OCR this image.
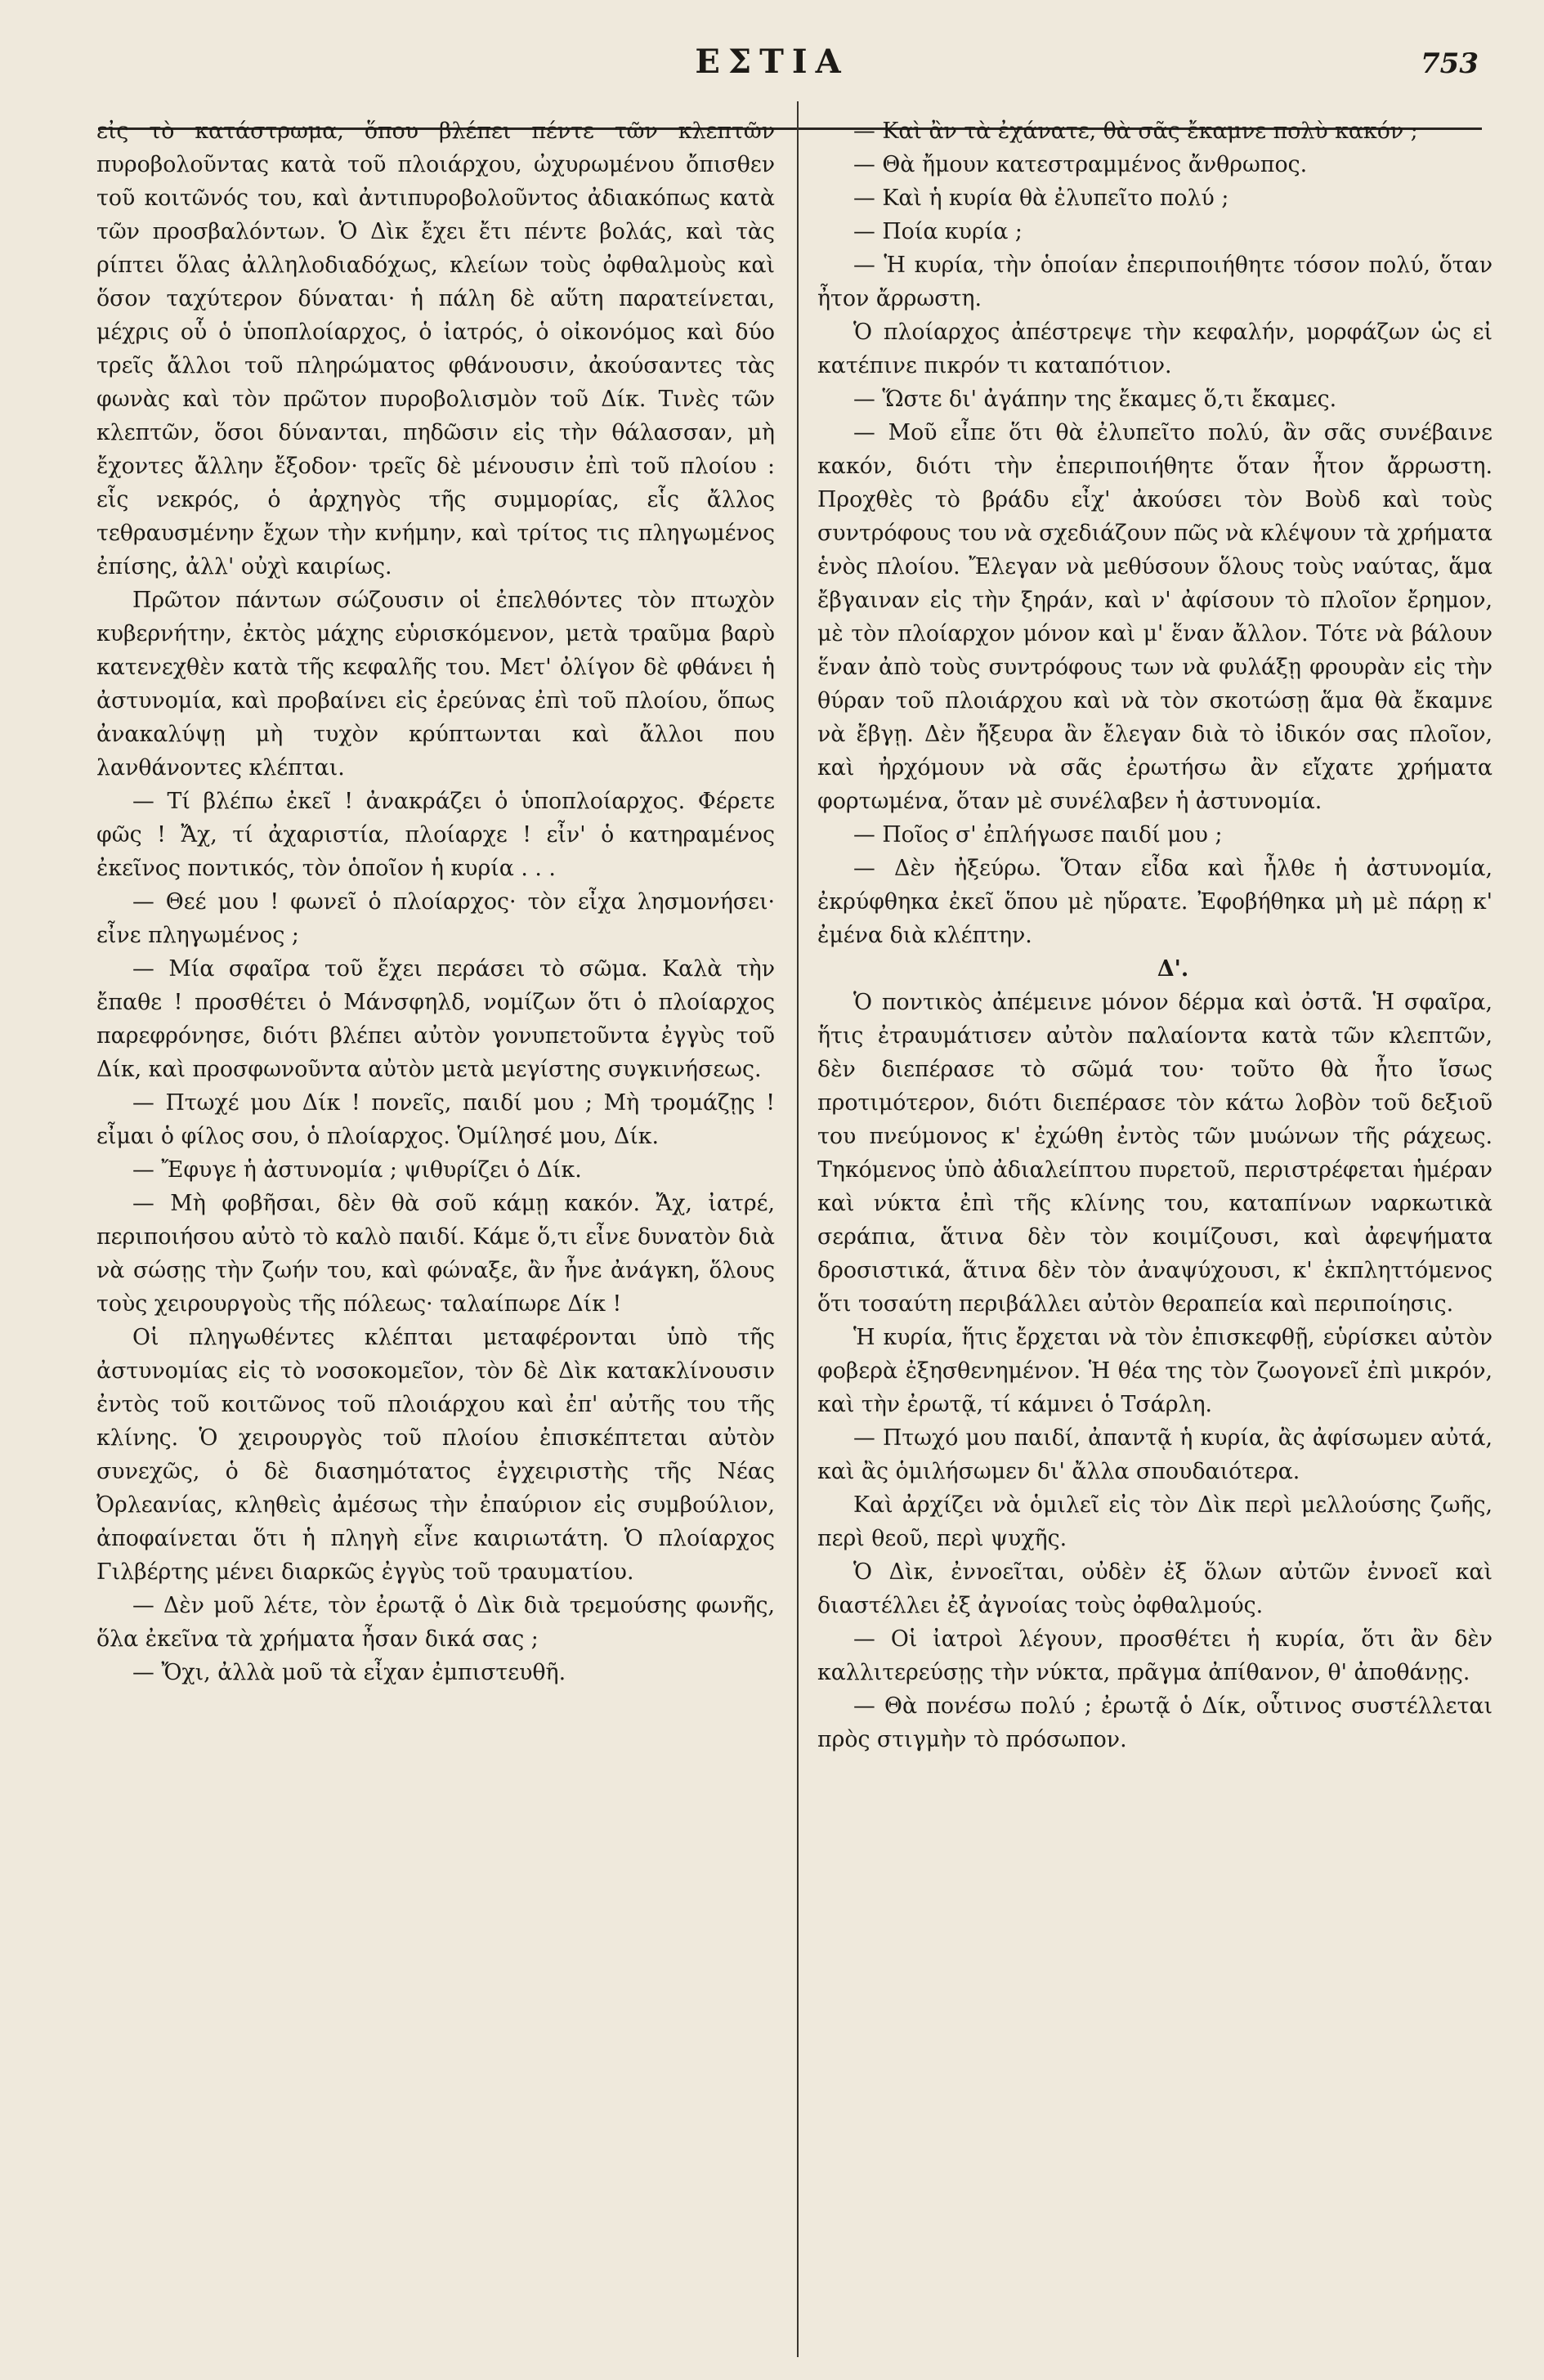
ΕΣΤΙΑ	753

εἰς τὸ κατάστρωμα, ὅπου βλέπει πέντε τῶν κλεπτῶν πυροβολοῦντας κατὰ τοῦ πλοιάρχου, ὠχυρωμένου ὄπισθεν τοῦ κοιτῶνός του, καὶ ἀντιπυροβολοῦντος ἀδιακόπως κατὰ τῶν προσβαλόντων. Ὁ Δὶκ ἔχει ἔτι πέντε βολάς, καὶ τὰς ρίπτει ὅλας ἀλληλοδιαδόχως, κλείων τοὺς ὀφθαλμοὺς καὶ ὅσον ταχύτερον δύναται· ἡ πάλη δὲ αὕτη παρατείνεται, μέχρις οὗ ὁ ὑποπλοίαρχος, ὁ ἰατρός, ὁ οἰκονόμος καὶ δύο τρεῖς ἄλλοι τοῦ πληρώματος φθάνουσιν, ἀκούσαντες τὰς φωνὰς καὶ τὸν πρῶτον πυροβολισμὸν τοῦ Δίκ. Τινὲς τῶν κλεπτῶν, ὅσοι δύνανται, πηδῶσιν εἰς τὴν θάλασσαν, μὴ ἔχοντες ἄλλην ἔξοδον· τρεῖς δὲ μένουσιν ἐπὶ τοῦ πλοίου : εἷς νεκρός, ὁ ἀρχηγὸς τῆς συμμορίας, εἷς ἄλλος τεθραυσμένην ἔχων τὴν κνήμην, καὶ τρίτος τις πληγωμένος ἐπίσης, ἀλλ' οὐχὶ καιρίως.

Πρῶτον πάντων σώζουσιν οἱ ἐπελθόντες τὸν πτωχὸν κυβερνήτην, ἐκτὸς μάχης εὑρισκόμενον, μετὰ τραῦμα βαρὺ κατενεχθὲν κατὰ τῆς κεφαλῆς του. Μετ' ὀλίγον δὲ φθάνει ἡ ἀστυνομία, καὶ προβαίνει εἰς ἐρεύνας ἐπὶ τοῦ πλοίου, ὅπως ἀνακαλύψῃ μὴ τυχὸν κρύπτωνται καὶ ἄλλοι που λανθάνοντες κλέπται.

— Τί βλέπω ἐκεῖ ! ἀνακράζει ὁ ὑποπλοίαρχος. Φέρετε φῶς ! Ἄχ, τί ἀχαριστία, πλοίαρχε ! εἶν' ὁ κατηραμένος ἐκεῖνος ποντικός, τὸν ὁποῖον ἡ κυρία . . .

— Θεέ μου ! φωνεῖ ὁ πλοίαρχος· τὸν εἶχα λησμονήσει· εἶνε πληγωμένος ;

— Μία σφαῖρα τοῦ ἔχει περάσει τὸ σῶμα. Καλὰ τὴν ἔπαθε ! προσθέτει ὁ Μάνσφηλδ, νομίζων ὅτι ὁ πλοίαρχος παρεφρόνησε, διότι βλέπει αὐτὸν γονυπετοῦντα ἐγγὺς τοῦ Δίκ, καὶ προσφωνοῦντα αὐτὸν μετὰ μεγίστης συγκινήσεως.

— Πτωχέ μου Δίκ ! πονεῖς, παιδί μου ; Μὴ τρομάζῃς ! εἶμαι ὁ φίλος σου, ὁ πλοίαρχος. Ὁμίλησέ μου, Δίκ.

— Ἔφυγε ἡ ἀστυνομία ; ψιθυρίζει ὁ Δίκ.

— Μὴ φοβῆσαι, δὲν θὰ σοῦ κάμῃ κακόν. Ἄχ, ἰατρέ, περιποιήσου αὐτὸ τὸ καλὸ παιδί. Κάμε ὅ,τι εἶνε δυνατὸν διὰ νὰ σώσῃς τὴν ζωήν του, καὶ φώναξε, ἂν ἦνε ἀνάγκη, ὅλους τοὺς χειρουργοὺς τῆς πόλεως· ταλαίπωρε Δίκ !

Οἱ πληγωθέντες κλέπται μεταφέρονται ὑπὸ τῆς ἀστυνομίας εἰς τὸ νοσοκομεῖον, τὸν δὲ Δὶκ κατακλίνουσιν ἐντὸς τοῦ κοιτῶνος τοῦ πλοιάρχου καὶ ἐπ' αὐτῆς του τῆς κλίνης. Ὁ χειρουργὸς τοῦ πλοίου ἐπισκέπτεται αὐτὸν συνεχῶς, ὁ δὲ διασημότατος ἐγχειριστὴς τῆς Νέας Ὀρλεανίας, κληθεὶς ἀμέσως τὴν ἐπαύριον εἰς συμβούλιον, ἀποφαίνεται ὅτι ἡ πληγὴ εἶνε καιριωτάτη. Ὁ πλοίαρχος Γιλβέρτης μένει διαρκῶς ἐγγὺς τοῦ τραυματίου.

— Δὲν μοῦ λέτε, τὸν ἐρωτᾷ ὁ Δὶκ διὰ τρεμούσης φωνῆς, ὅλα ἐκεῖνα τὰ χρήματα ἦσαν δικά σας ;

— Ὄχι, ἀλλὰ μοῦ τὰ εἶχαν ἐμπιστευθῆ.

— Καὶ ἂν τὰ ἐχάνατε, θὰ σᾶς ἔκαμνε πολὺ κακόν ;

— Θὰ ἤμουν κατεστραμμένος ἄνθρωπος.

— Καὶ ἡ κυρία θὰ ἐλυπεῖτο πολύ ;

— Ποία κυρία ;

— Ἡ κυρία, τὴν ὁποίαν ἐπεριποιήθητε τόσον πολύ, ὅταν ἦτον ἄρρωστη.

Ὁ πλοίαρχος ἀπέστρεψε τὴν κεφαλήν, μορφάζων ὡς εἰ κατέπινε πικρόν τι καταπότιον.

— Ὥστε δι' ἀγάπην της ἔκαμες ὅ,τι ἔκαμες.

— Μοῦ εἶπε ὅτι θὰ ἐλυπεῖτο πολύ, ἂν σᾶς συνέβαινε κακόν, διότι τὴν ἐπεριποιήθητε ὅταν ἦτον ἄρρωστη. Προχθὲς τὸ βράδυ εἶχ' ἀκούσει τὸν Βοὺδ καὶ τοὺς συντρόφους του νὰ σχεδιάζουν πῶς νὰ κλέψουν τὰ χρήματα ἑνὸς πλοίου. Ἔλεγαν νὰ μεθύσουν ὅλους τοὺς ναύτας, ἅμα ἔβγαιναν εἰς τὴν ξηράν, καὶ ν' ἀφίσουν τὸ πλοῖον ἔρημον, μὲ τὸν πλοίαρχον μόνον καὶ μ' ἕναν ἄλλον. Τότε νὰ βάλουν ἕναν ἀπὸ τοὺς συντρόφους των νὰ φυλάξῃ φρουρὰν εἰς τὴν θύραν τοῦ πλοιάρχου καὶ νὰ τὸν σκοτώσῃ ἅμα θὰ ἔκαμνε νὰ ἔβγῃ. Δὲν ἤξευρα ἂν ἔλεγαν διὰ τὸ ἰδικόν σας πλοῖον, καὶ ἠρχόμουν νὰ σᾶς ἐρωτήσω ἂν εἴχατε χρήματα φορτωμένα, ὅταν μὲ συνέλαβεν ἡ ἀστυνομία.

— Ποῖος σ' ἐπλήγωσε παιδί μου ;

— Δὲν ἠξεύρω. Ὅταν εἶδα καὶ ἦλθε ἡ ἀστυνομία, ἐκρύφθηκα ἐκεῖ ὅπου μὲ ηὕρατε. Ἐφοβήθηκα μὴ μὲ πάρῃ κ' ἐμένα διὰ κλέπτην.

Δ'.

Ὁ ποντικὸς ἀπέμεινε μόνον δέρμα καὶ ὀστᾶ. Ἡ σφαῖρα, ἥτις ἐτραυμάτισεν αὐτὸν παλαίοντα κατὰ τῶν κλεπτῶν, δὲν διεπέρασε τὸ σῶμά του· τοῦτο θὰ ἦτο ἴσως προτιμότερον, διότι διεπέρασε τὸν κάτω λοβὸν τοῦ δεξιοῦ του πνεύμονος κ' ἐχώθη ἐντὸς τῶν μυώνων τῆς ράχεως. Τηκόμενος ὑπὸ ἀδιαλείπτου πυρετοῦ, περιστρέφεται ἡμέραν καὶ νύκτα ἐπὶ τῆς κλίνης του, καταπίνων ναρκωτικὰ σεράπια, ἅτινα δὲν τὸν κοιμίζουσι, καὶ ἀφεψήματα δροσιστικά, ἅτινα δὲν τὸν ἀναψύχουσι, κ' ἐκπληττόμενος ὅτι τοσαύτη περιβάλλει αὐτὸν θεραπεία καὶ περιποίησις.

Ἡ κυρία, ἥτις ἔρχεται νὰ τὸν ἐπισκεφθῇ, εὑρίσκει αὐτὸν φοβερὰ ἐξησθενημένον. Ἡ θέα της τὸν ζωογονεῖ ἐπὶ μικρόν, καὶ τὴν ἐρωτᾷ, τί κάμνει ὁ Τσάρλη.

— Πτωχό μου παιδί, ἀπαντᾷ ἡ κυρία, ἂς ἀφίσωμεν αὐτά, καὶ ἂς ὁμιλήσωμεν δι' ἄλλα σπουδαιότερα.

Καὶ ἀρχίζει νὰ ὁμιλεῖ εἰς τὸν Δὶκ περὶ μελλούσης ζωῆς, περὶ θεοῦ, περὶ ψυχῆς.

Ὁ Δὶκ, ἐννοεῖται, οὐδὲν ἐξ ὅλων αὐτῶν ἐννοεῖ καὶ διαστέλλει ἐξ ἀγνοίας τοὺς ὀφθαλμούς.

— Οἱ ἰατροὶ λέγουν, προσθέτει ἡ κυρία, ὅτι ἂν δὲν καλλιτερεύσῃς τὴν νύκτα, πρᾶγμα ἀπίθανον, θ' ἀποθάνῃς.

— Θὰ πονέσω πολύ ; ἐρωτᾷ ὁ Δίκ, οὗτινος συστέλλεται πρὸς στιγμὴν τὸ πρόσωπον.
